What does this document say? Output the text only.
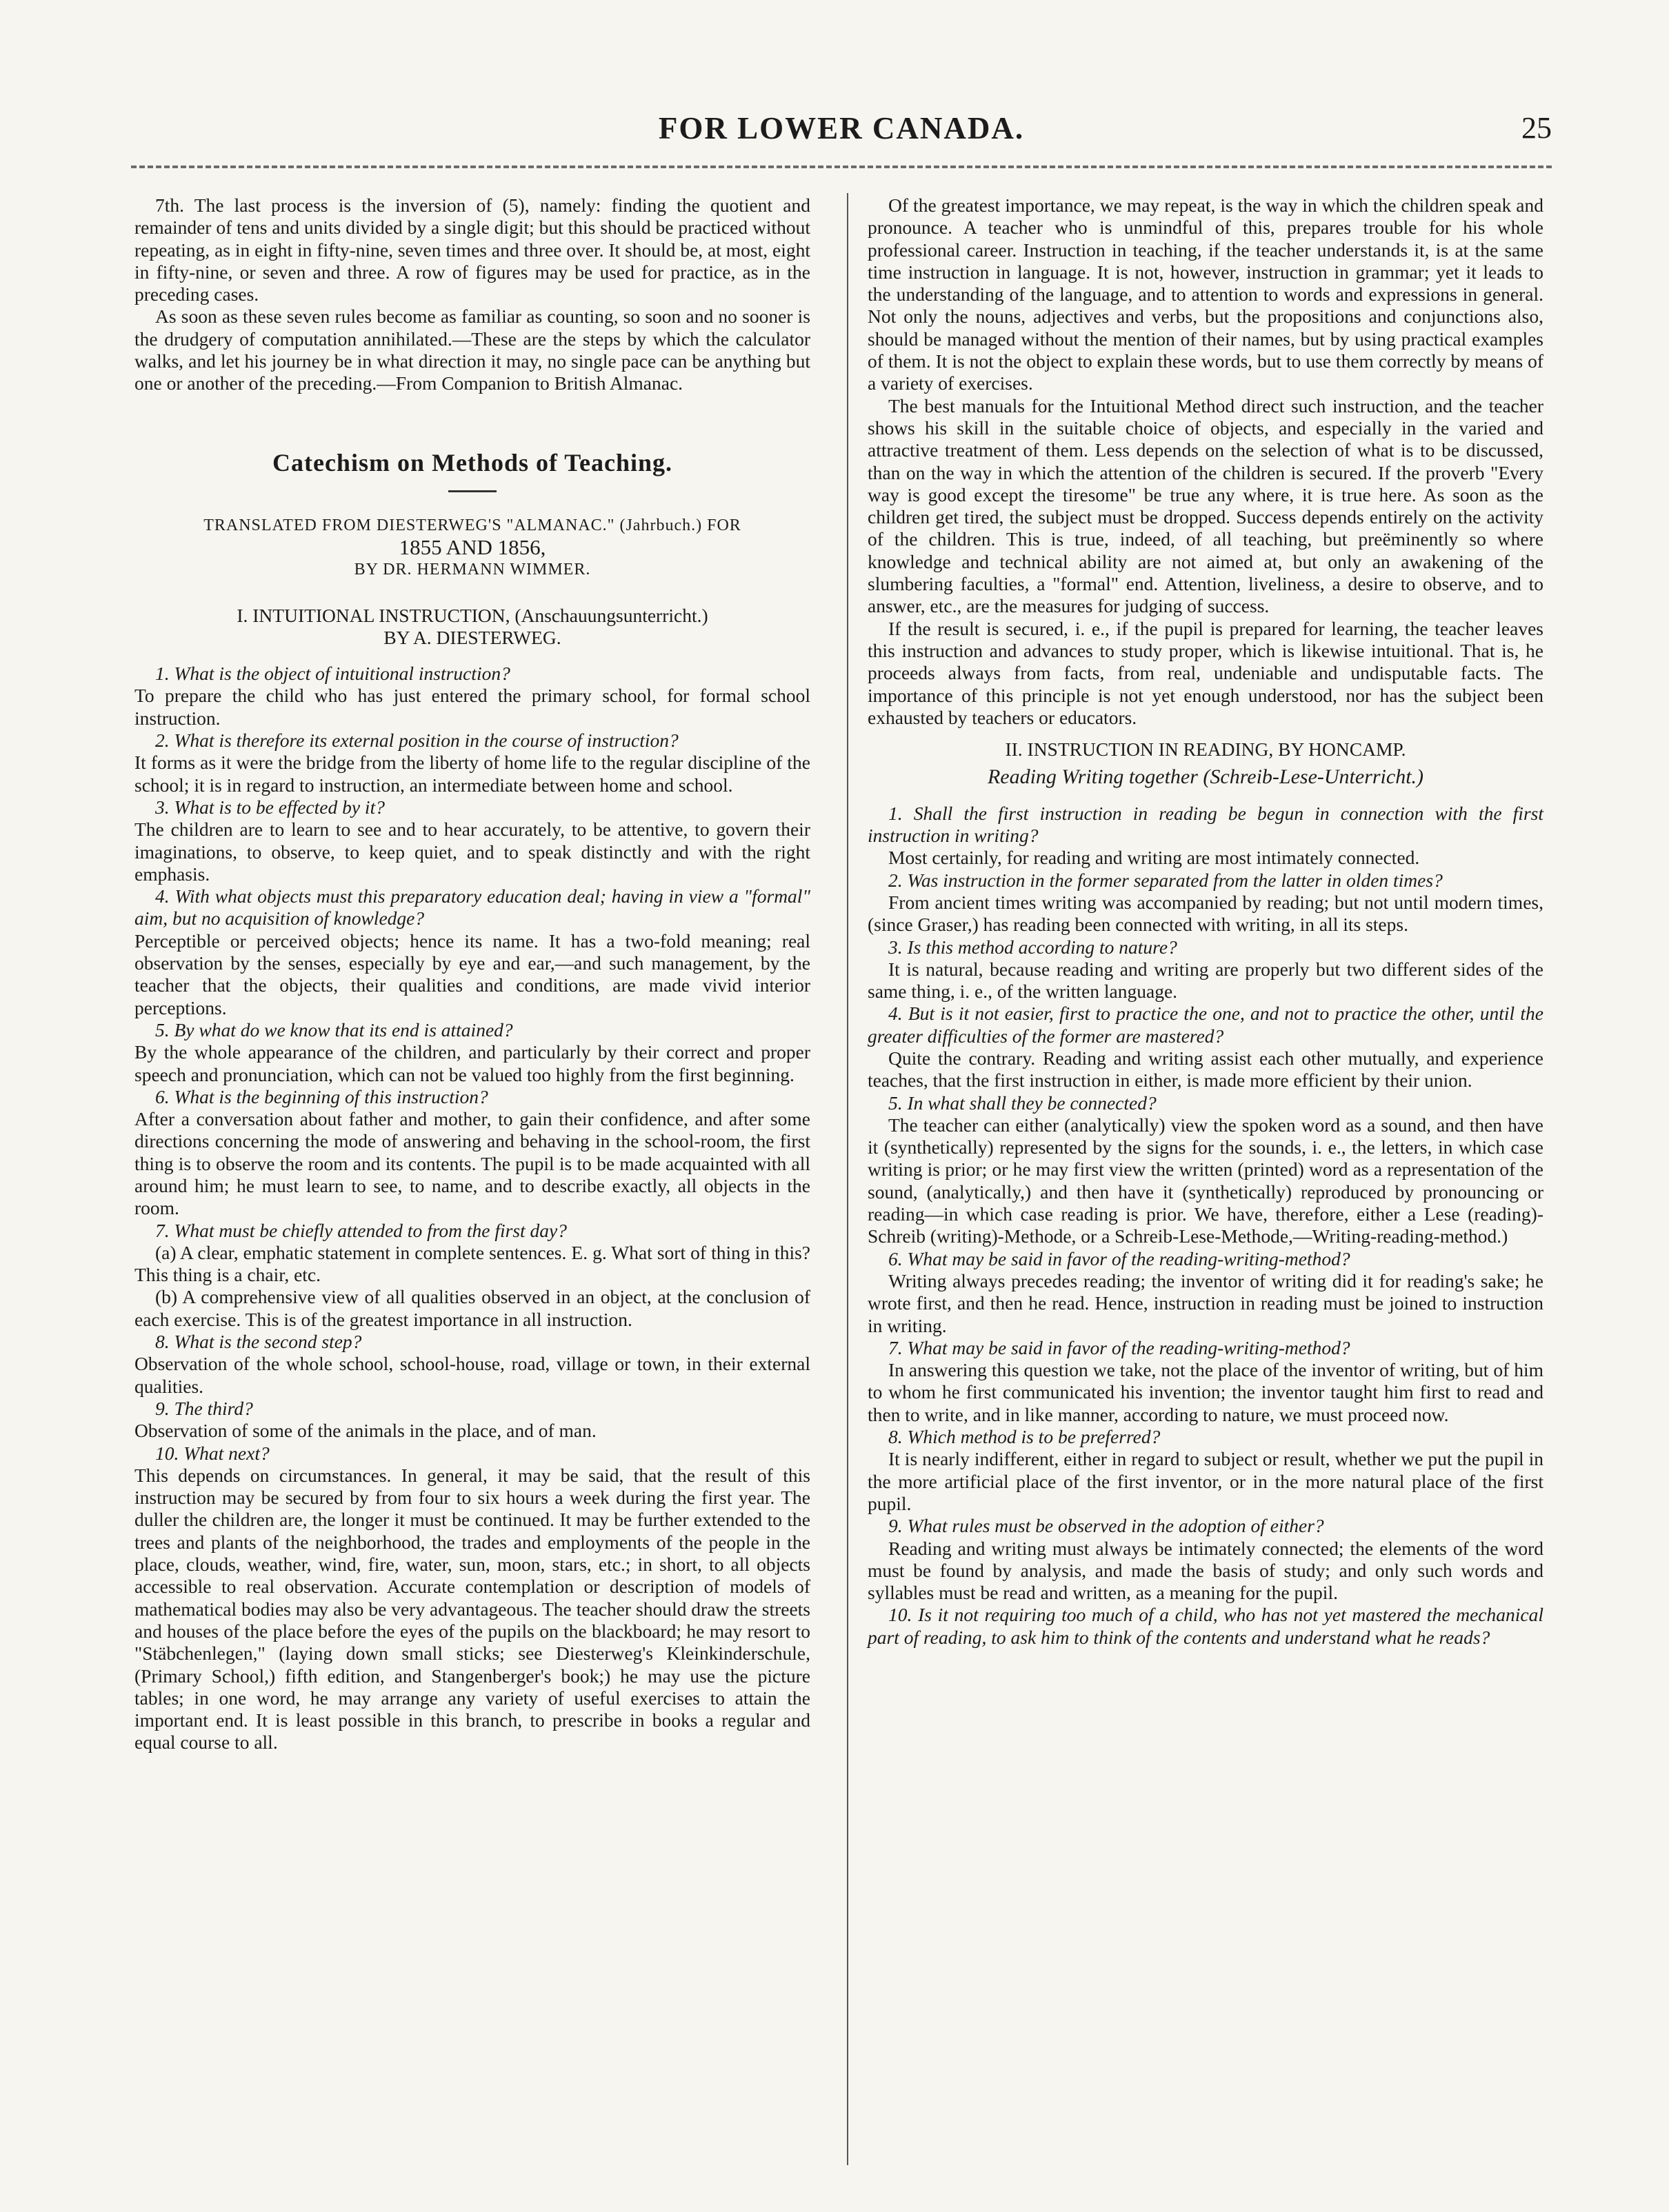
FOR LOWER CANADA.	25

7th. The last process is the inversion of (5), namely: finding the quotient and remainder of tens and units divided by a single digit; but this should be practiced without repeating, as in eight in fifty-nine, seven times and three over. It should be, at most, eight in fifty-nine, or seven and three. A row of figures may be used for practice, as in the preceding cases.

As soon as these seven rules become as familiar as counting, so soon and no sooner is the drudgery of computation annihilated.—These are the steps by which the calculator walks, and let his journey be in what direction it may, no single pace can be anything but one or another of the preceding.—From Companion to British Almanac.

Catechism on Methods of Teaching.

TRANSLATED FROM DIESTERWEG'S "ALMANAC." (Jahrbuch.) FOR

1855 AND 1856,

BY DR. HERMANN WIMMER.

I. INTUITIONAL INSTRUCTION, (Anschauungsunterricht.)

BY A. DIESTERWEG.

1. What is the object of intuitional instruction?

To prepare the child who has just entered the primary school, for formal school instruction.

2. What is therefore its external position in the course of instruction?

It forms as it were the bridge from the liberty of home life to the regular discipline of the school; it is in regard to instruction, an intermediate between home and school.

3. What is to be effected by it?

The children are to learn to see and to hear accurately, to be attentive, to govern their imaginations, to observe, to keep quiet, and to speak distinctly and with the right emphasis.

4. With what objects must this preparatory education deal; having in view a "formal" aim, but no acquisition of knowledge?

Perceptible or perceived objects; hence its name. It has a two-fold meaning; real observation by the senses, especially by eye and ear,—and such management, by the teacher that the objects, their qualities and conditions, are made vivid interior perceptions.

5. By what do we know that its end is attained?

By the whole appearance of the children, and particularly by their correct and proper speech and pronunciation, which can not be valued too highly from the first beginning.

6. What is the beginning of this instruction?

After a conversation about father and mother, to gain their confidence, and after some directions concerning the mode of answering and behaving in the school-room, the first thing is to observe the room and its contents. The pupil is to be made acquainted with all around him; he must learn to see, to name, and to describe exactly, all objects in the room.

7. What must be chiefly attended to from the first day?

(a) A clear, emphatic statement in complete sentences. E. g. What sort of thing in this? This thing is a chair, etc.

(b) A comprehensive view of all qualities observed in an object, at the conclusion of each exercise. This is of the greatest importance in all instruction.

8. What is the second step?

Observation of the whole school, school-house, road, village or town, in their external qualities.

9. The third?

Observation of some of the animals in the place, and of man.

10. What next?

This depends on circumstances. In general, it may be said, that the result of this instruction may be secured by from four to six hours a week during the first year. The duller the children are, the longer it must be continued. It may be further extended to the trees and plants of the neighborhood, the trades and employments of the people in the place, clouds, weather, wind, fire, water, sun, moon, stars, etc.; in short, to all objects accessible to real observation. Accurate contemplation or description of models of mathematical bodies may also be very advantageous. The teacher should draw the streets and houses of the place before the eyes of the pupils on the blackboard; he may resort to "Stäbchenlegen," (laying down small sticks; see Diesterweg's Kleinkinderschule, (Primary School,) fifth edition, and Stangenberger's book;) he may use the picture tables; in one word, he may arrange any variety of useful exercises to attain the important end. It is least possible in this branch, to prescribe in books a regular and equal course to all.

Of the greatest importance, we may repeat, is the way in which the children speak and pronounce. A teacher who is unmindful of this, prepares trouble for his whole professional career. Instruction in teaching, if the teacher understands it, is at the same time instruction in language. It is not, however, instruction in grammar; yet it leads to the understanding of the language, and to attention to words and expressions in general. Not only the nouns, adjectives and verbs, but the propositions and conjunctions also, should be managed without the mention of their names, but by using practical examples of them. It is not the object to explain these words, but to use them correctly by means of a variety of exercises.

The best manuals for the Intuitional Method direct such instruction, and the teacher shows his skill in the suitable choice of objects, and especially in the varied and attractive treatment of them. Less depends on the selection of what is to be discussed, than on the way in which the attention of the children is secured. If the proverb "Every way is good except the tiresome" be true any where, it is true here. As soon as the children get tired, the subject must be dropped. Success depends entirely on the activity of the children. This is true, indeed, of all teaching, but preëminently so where knowledge and technical ability are not aimed at, but only an awakening of the slumbering faculties, a "formal" end. Attention, liveliness, a desire to observe, and to answer, etc., are the measures for judging of success.

If the result is secured, i. e., if the pupil is prepared for learning, the teacher leaves this instruction and advances to study proper, which is likewise intuitional. That is, he proceeds always from facts, from real, undeniable and undisputable facts. The importance of this principle is not yet enough understood, nor has the subject been exhausted by teachers or educators.

II. INSTRUCTION IN READING, BY HONCAMP.

Reading Writing together (Schreib-Lese-Unterricht.)

1. Shall the first instruction in reading be begun in connection with the first instruction in writing?

Most certainly, for reading and writing are most intimately connected.

2. Was instruction in the former separated from the latter in olden times?

From ancient times writing was accompanied by reading; but not until modern times, (since Graser,) has reading been connected with writing, in all its steps.

3. Is this method according to nature?

It is natural, because reading and writing are properly but two different sides of the same thing, i. e., of the written language.

4. But is it not easier, first to practice the one, and not to practice the other, until the greater difficulties of the former are mastered?

Quite the contrary. Reading and writing assist each other mutually, and experience teaches, that the first instruction in either, is made more efficient by their union.

5. In what shall they be connected?

The teacher can either (analytically) view the spoken word as a sound, and then have it (synthetically) represented by the signs for the sounds, i. e., the letters, in which case writing is prior; or he may first view the written (printed) word as a representation of the sound, (analytically,) and then have it (synthetically) reproduced by pronouncing or reading—in which case reading is prior. We have, therefore, either a Lese (reading)-Schreib (writing)-Methode, or a Schreib-Lese-Methode,—Writing-reading-method.)

6. What may be said in favor of the reading-writing-method?

Writing always precedes reading; the inventor of writing did it for reading's sake; he wrote first, and then he read. Hence, instruction in reading must be joined to instruction in writing.

7. What may be said in favor of the reading-writing-method?

In answering this question we take, not the place of the inventor of writing, but of him to whom he first communicated his invention; the inventor taught him first to read and then to write, and in like manner, according to nature, we must proceed now.

8. Which method is to be preferred?

It is nearly indifferent, either in regard to subject or result, whether we put the pupil in the more artificial place of the first inventor, or in the more natural place of the first pupil.

9. What rules must be observed in the adoption of either?

Reading and writing must always be intimately connected; the elements of the word must be found by analysis, and made the basis of study; and only such words and syllables must be read and written, as a meaning for the pupil.

10. Is it not requiring too much of a child, who has not yet mastered the mechanical part of reading, to ask him to think of the contents and understand what he reads?
